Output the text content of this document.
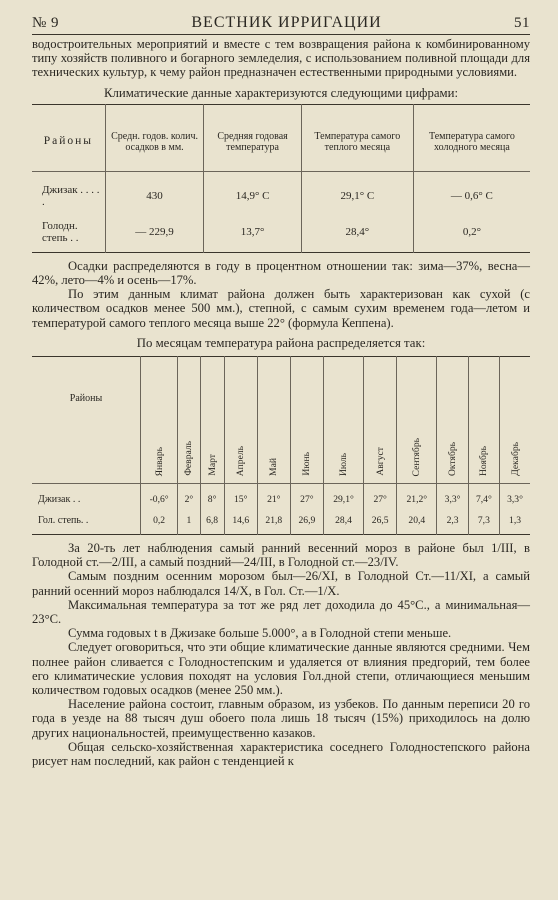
№ 9	ВЕСТНИК ИРРИГАЦИИ	51

водостроительных мероприятий и вместе с тем возвращения района к комбинированному типу хозяйств поливного и богарного земледелия, с использованием поливной площади для технических культур, к чему район предназначен естественными природными условиями.

Климатические данные характеризуются следующими цифрами:

Районы	Средн. годов. колич. осадков в мм.	Средняя годовая температура	Температура самого теплого месяца	Температура самого холодного месяца
Джизак . . . . .	430	14,9° С	29,1° С	— 0,6° С
Голодн. степь . .	— 229,9	13,7°	28,4°	0,2°

Осадки распределяются в году в процентном отношении так: зима—37%, весна—42%, лето—4% и осень—17%.

По этим данным климат района должен быть характеризован как сухой (с количеством осадков менее 500 мм.), степной, с самым сухим временем года—летом и температурой самого теплого месяца выше 22° (формула Кеппена).

По месяцам температура района распределяется так:

Районы	Январь	Февраль	Март	Апрель	Май	Июнь	Июль	Август	Сентябрь	Октябрь	Ноябрь	Декабрь
Джизак . .	-0,6°	2°	8°	15°	21°	27°	29,1°	27°	21,2°	3,3°	7,4°	3,3°
Гол. степь. .	0,2	1	6,8	14,6	21,8	26,9	28,4	26,5	20,4	2,3	7,3	1,3

За 20-ть лет наблюдения самый ранний весенний мороз в районе был 1/III, в Голодной ст.—2/III, а самый поздний—24/III, в Голодной ст.—23/IV.

Самым поздним осенним морозом был—26/XI, в Голодной Ст.—11/XI, а самый ранний осенний мороз наблюдался 14/X, в Гол. Ст.—1/X.

Максимальная температура за тот же ряд лет доходила до 45°С., а минимальная—23°С.

Сумма годовых t в Джизаке больше 5.000°, а в Голодной степи меньше.

Следует оговориться, что эти общие климатические данные являются средними. Чем полнее район сливается с Голодностепским и удаляется от влияния предгорий, тем более его климатические условия походят на условия Гол.дной степи, отличающиеся меньшим количеством годовых осадков (менее 250 мм.).

Население района состоит, главным образом, из узбеков. По данным переписи 20 го года в уезде на 88 тысяч душ обоего пола лишь 18 тысяч (15%) приходилось на долю других национальностей, преимущественно казаков.

Общая сельско-хозяйственная характеристика соседнего Голодностепского района рисует нам последний, как район с тенденцией к
